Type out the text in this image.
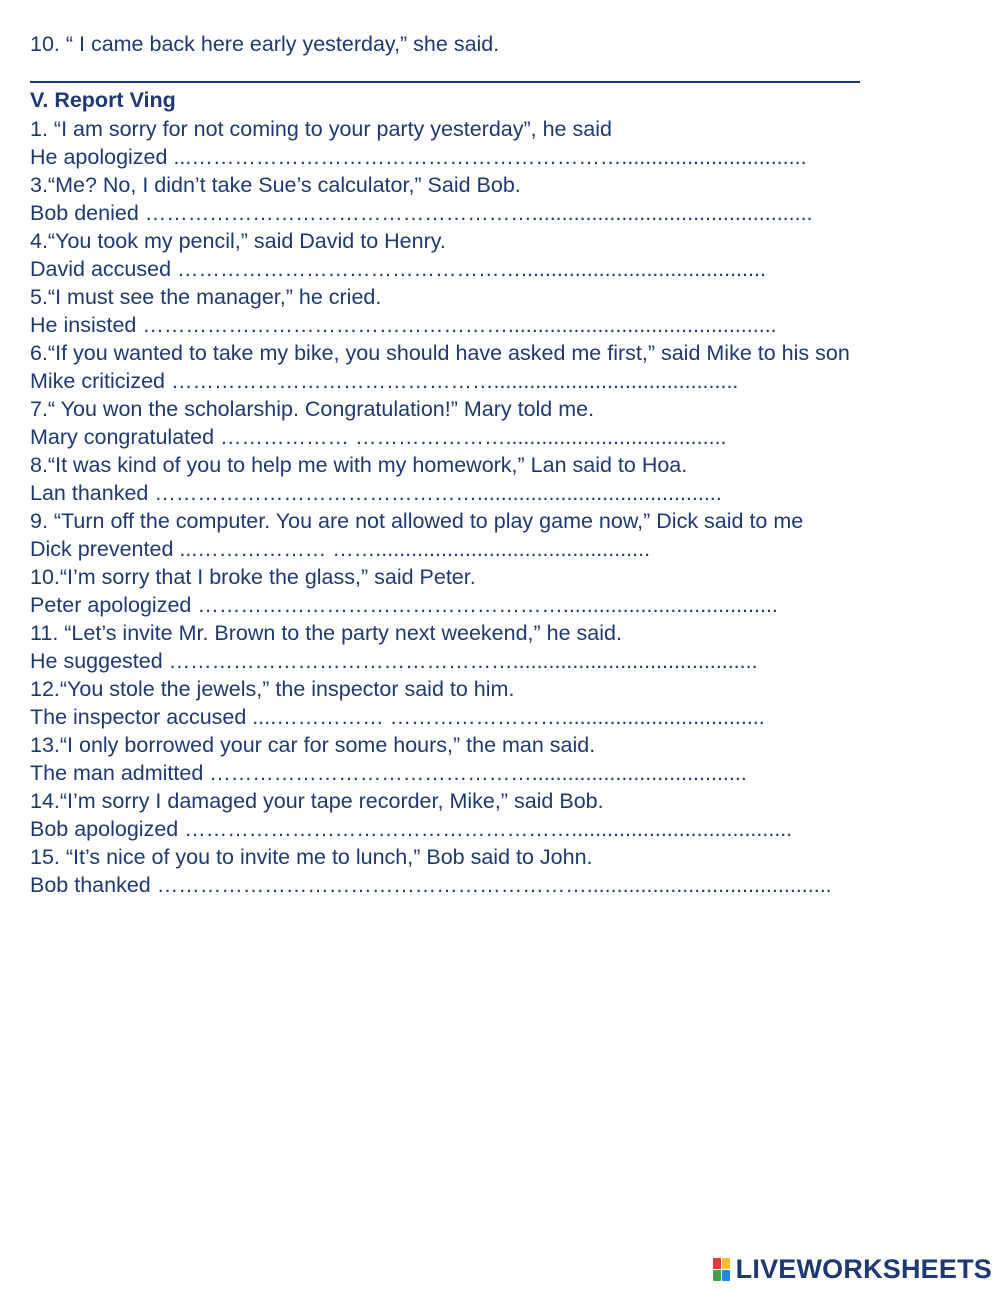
10. “ I came back here early yesterday,” she said.
V. Report Ving
1. “I am sorry for not coming to your party yesterday”, he said
He apologized ...……………………………………………………...............................
3.“Me? No, I didn’t take Sue’s calculator,” Said Bob.
Bob denied ………………………………………………...............................................
4.“You took my pencil,” said David to Henry.
David accused ………………………………………….........................................
5.“I must see the manager,” he cried.
He insisted …………………………………………….............................................
6.“If you wanted to take my bike, you should have asked me first,” said Mike to his son
Mike criticized ……………………………………….........................................
7.“ You won the scholarship. Congratulation!” Mary told me.
Mary congratulated ……………… ………………….....................................
8.“It was kind of you to help me with my homework,” Lan said to Hoa.
Lan thanked ……………………………………….........................................
9. “Turn off the computer. You are not allowed to play game now,” Dick said to me
Dick prevented ...……………… ……..............................................
10.“I’m sorry that I broke the glass,” said Peter.
Peter apologized ……………………………………………....................................
11. “Let’s invite Mr. Brown to the party next weekend,” he said.
He suggested ………………………………………….........................................
12.“You stole the jewels,” the inspector said to him.
The inspector accused ....…………… ……………………..................................
13.“I only borrowed your car for some hours,” the man said.
The man admitted ………………………………………....................................
14.“I’m sorry I damaged your tape recorder, Mike,” said Bob.
Bob apologized ……………………………………………….....................................
15. “It’s nice of you to invite me to lunch,” Bob said to John.
Bob thanked …………………………………………………….........................................
LIVEWORKSHEETS
